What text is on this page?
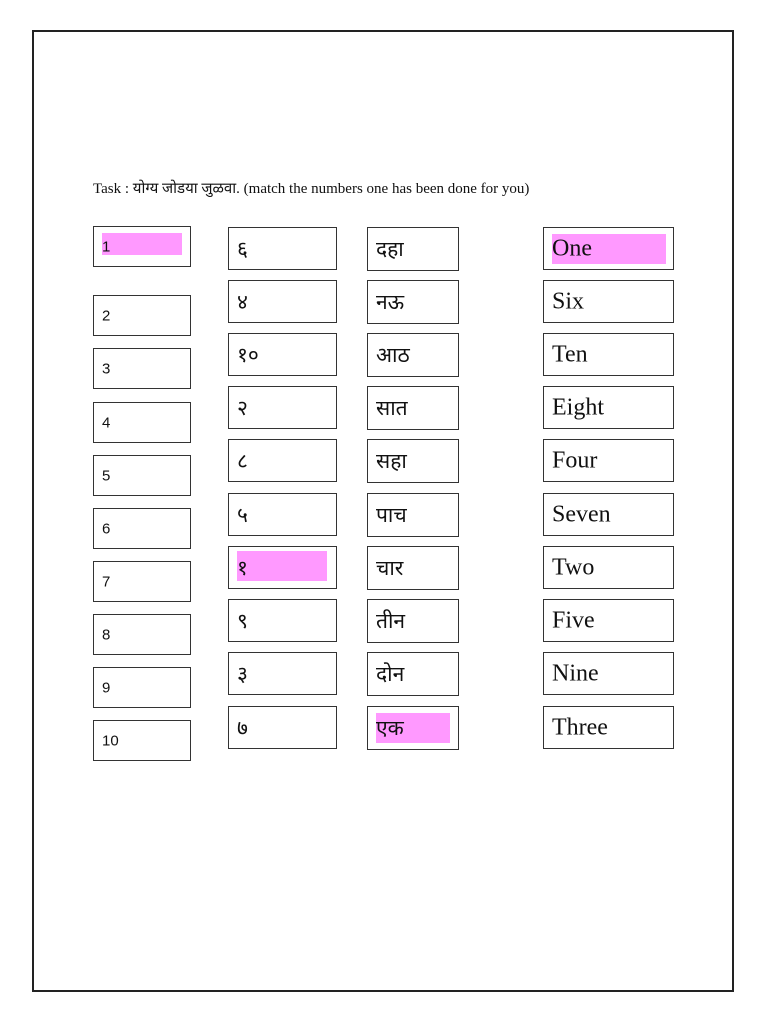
Task : योग्य जोडया जुळवा. (match the numbers one has been done for you)
1
2
3
4
5
6
7
8
9
10
६
४
१०
२
८
५
१
९
३
७
दहा
नऊ
आठ
सात
सहा
पाच
चार
तीन
दोन
एक
One
Six
Ten
Eight
Four
Seven
Two
Five
Nine
Three
